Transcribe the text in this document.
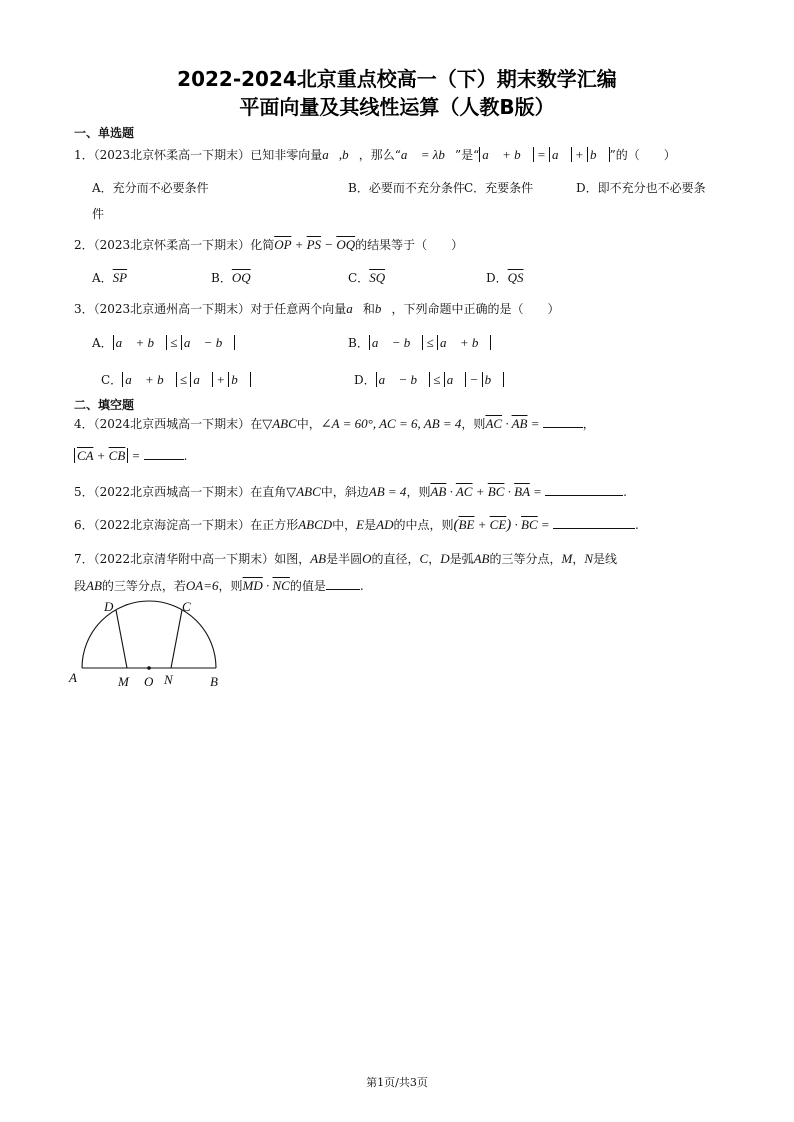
2022-2024北京重点校高一（下）期末数学汇编
平面向量及其线性运算（人教B版）
一、单选题
1．（2023北京怀柔高一下期末）已知非零向量a⃗,b⃗，那么“a⃗ = λb⃗”是“ a⃗ + b⃗ = a⃗ + b⃗ ”的（　　）
A．充分而不必要条件	B．必要而不充分条件 C．充要条件	D．即不充分也不必要条
件
2．（2023北京怀柔高一下期末）化简$\overline{OP} + \overline{PS} - \overline{OQ}$的结果等于（　　）
A．$\overline{SP}$	B．$\overline{OQ}$	C．$\overline{SQ}$	D．$\overline{QS}$
3．（2023北京通州高一下期末）对于任意两个向量a⃗和b⃗，下列命题中正确的是（　　）
A． a⃗ + b⃗ ≤ a⃗ − b⃗	B． a⃗ − b⃗ ≤ a⃗ + b⃗
C． a⃗ + b⃗ ≤ a⃗ + b⃗	D． a⃗ − b⃗ ≤ a⃗ − b⃗
二、填空题
4．（2024北京西城高一下期末）在▽ABC中，∠A = 60°, AC = 6, AB = 4，则$\overline{AC} \cdot \overline{AB}$ =	，
$\overline{CA} + \overline{CB}$ =	.
5．（2022北京西城高一下期末）在直角▽ABC中，斜边AB = 4，则$\overline{AB} \cdot \overline{AC} + \overline{BC} \cdot \overline{BA}$ =	.
6．（2022北京海淀高一下期末）在正方形ABCD中，E是AD的中点，则$(\overline{BE} + \overline{CE}) \cdot \overline{BC}$ =	.
7．（2022北京清华附中高一下期末）如图，AB是半圆O的直径，C，D是弧AB的三等分点，M，N是线
段AB的三等分点，若OA=6，则$\overline{MD} \cdot \overline{NC}$的值是	.
D	C
A	M O N	B
第1页/共3页
